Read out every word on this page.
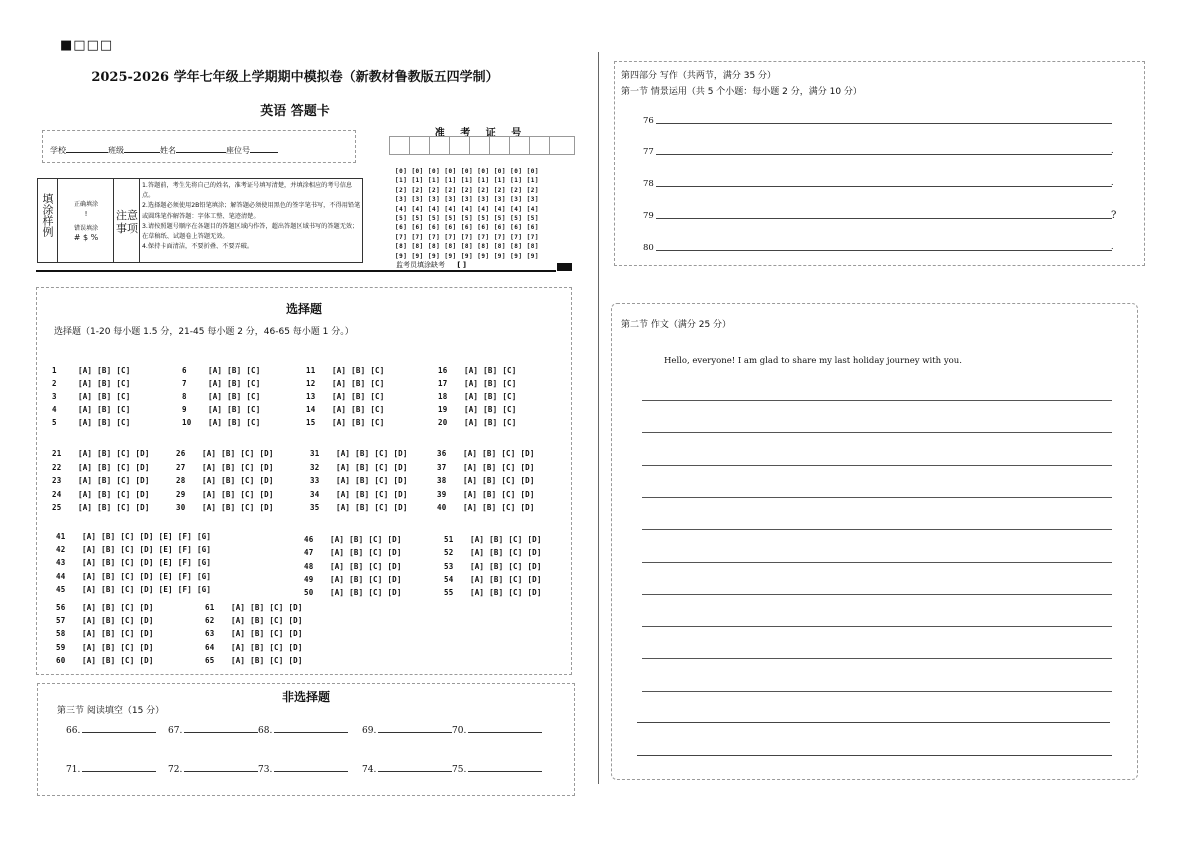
■□□□
2025-2026 学年七年级上学期期中模拟卷（新教材鲁教版五四学制）
英语 答题卡
学校	班级	姓名	座位号
准 考 证 号
[0] [0] [0] [0] [0] [0] [0] [0] [0]
[1] [1] [1] [1] [1] [1] [1] [1] [1]
[2] [2] [2] [2] [2] [2] [2] [2] [2]
[3] [3] [3] [3] [3] [3] [3] [3] [3]
[4] [4] [4] [4] [4] [4] [4] [4] [4]
[5] [5] [5] [5] [5] [5] [5] [5] [5]
[6] [6] [6] [6] [6] [6] [6] [6] [6]
[7] [7] [7] [7] [7] [7] [7] [7] [7]
[8] [8] [8] [8] [8] [8] [8] [8] [8]
[9] [9] [9] [9] [9] [9] [9] [9] [9]
监考员填涂缺考 [ ]
填涂样例	正确填涂
!
错误填涂
# $ %
注意事项
1.答题前，考生先将自己的姓名，准考证号填写清楚，并填涂相应的考号信息点。
2.选择题必须使用2B铅笔填涂；解答题必须使用黑色的签字笔书写，不得用铅笔或圆珠笔作解答题：字体工整、笔迹清楚。
3.请按照题号顺序在各题目的答题区域内作答，超出答题区域书写的答题无效；在草稿纸、试题卷上答题无效。
4.保持卡面清洁，不要折叠、不要弄破。
选择题
选择题（1-20 每小题 1.5 分，21-45 每小题 2 分，46-65 每小题 1 分。）
1	[A] [B] [C]
2	[A] [B] [C]
3	[A] [B] [C]
4	[A] [B] [C]
5	[A] [B] [C]
6	[A] [B] [C]
7	[A] [B] [C]
8	[A] [B] [C]
9	[A] [B] [C]
10 [A] [B] [C]
11 [A] [B] [C]
12 [A] [B] [C]
13 [A] [B] [C]
14 [A] [B] [C]
15 [A] [B] [C]
16 [A] [B] [C]
17 [A] [B] [C]
18 [A] [B] [C]
19 [A] [B] [C]
20 [A] [B] [C]
21 [A] [B] [C] [D]
22 [A] [B] [C] [D]
23 [A] [B] [C] [D]
24 [A] [B] [C] [D]
25 [A] [B] [C] [D]
26 [A] [B] [C] [D]
27 [A] [B] [C] [D]
28 [A] [B] [C] [D]
29 [A] [B] [C] [D]
30 [A] [B] [C] [D]
31 [A] [B] [C] [D]
32 [A] [B] [C] [D]
33 [A] [B] [C] [D]
34 [A] [B] [C] [D]
35 [A] [B] [C] [D]
36 [A] [B] [C] [D]
37 [A] [B] [C] [D]
38 [A] [B] [C] [D]
39 [A] [B] [C] [D]
40 [A] [B] [C] [D]
41 [A] [B] [C] [D] [E] [F] [G]
42 [A] [B] [C] [D] [E] [F] [G]
43 [A] [B] [C] [D] [E] [F] [G]
44 [A] [B] [C] [D] [E] [F] [G]
45 [A] [B] [C] [D] [E] [F] [G]
46 [A] [B] [C] [D]
47 [A] [B] [C] [D]
48 [A] [B] [C] [D]
49 [A] [B] [C] [D]
50 [A] [B] [C] [D]
51 [A] [B] [C] [D]
52 [A] [B] [C] [D]
53 [A] [B] [C] [D]
54 [A] [B] [C] [D]
55 [A] [B] [C] [D]
56 [A] [B] [C] [D]
57 [A] [B] [C] [D]
58 [A] [B] [C] [D]
59 [A] [B] [C] [D]
60 [A] [B] [C] [D]
61 [A] [B] [C] [D]
62 [A] [B] [C] [D]
63 [A] [B] [C] [D]
64 [A] [B] [C] [D]
65 [A] [B] [C] [D]
非选择题
第三节 阅读填空（15 分）
66.	67.	68.	69.	70.
71.	72.	73.	74.	75.
第四部分 写作（共两节，满分 35 分）
第一节 情景运用（共 5 个小题：每小题 2 分，满分 10 分）
76
77	.
78	.
79	?
80	.
第二节 作文（满分 25 分）
Hello, everyone! I am glad to share my last holiday journey with you.
